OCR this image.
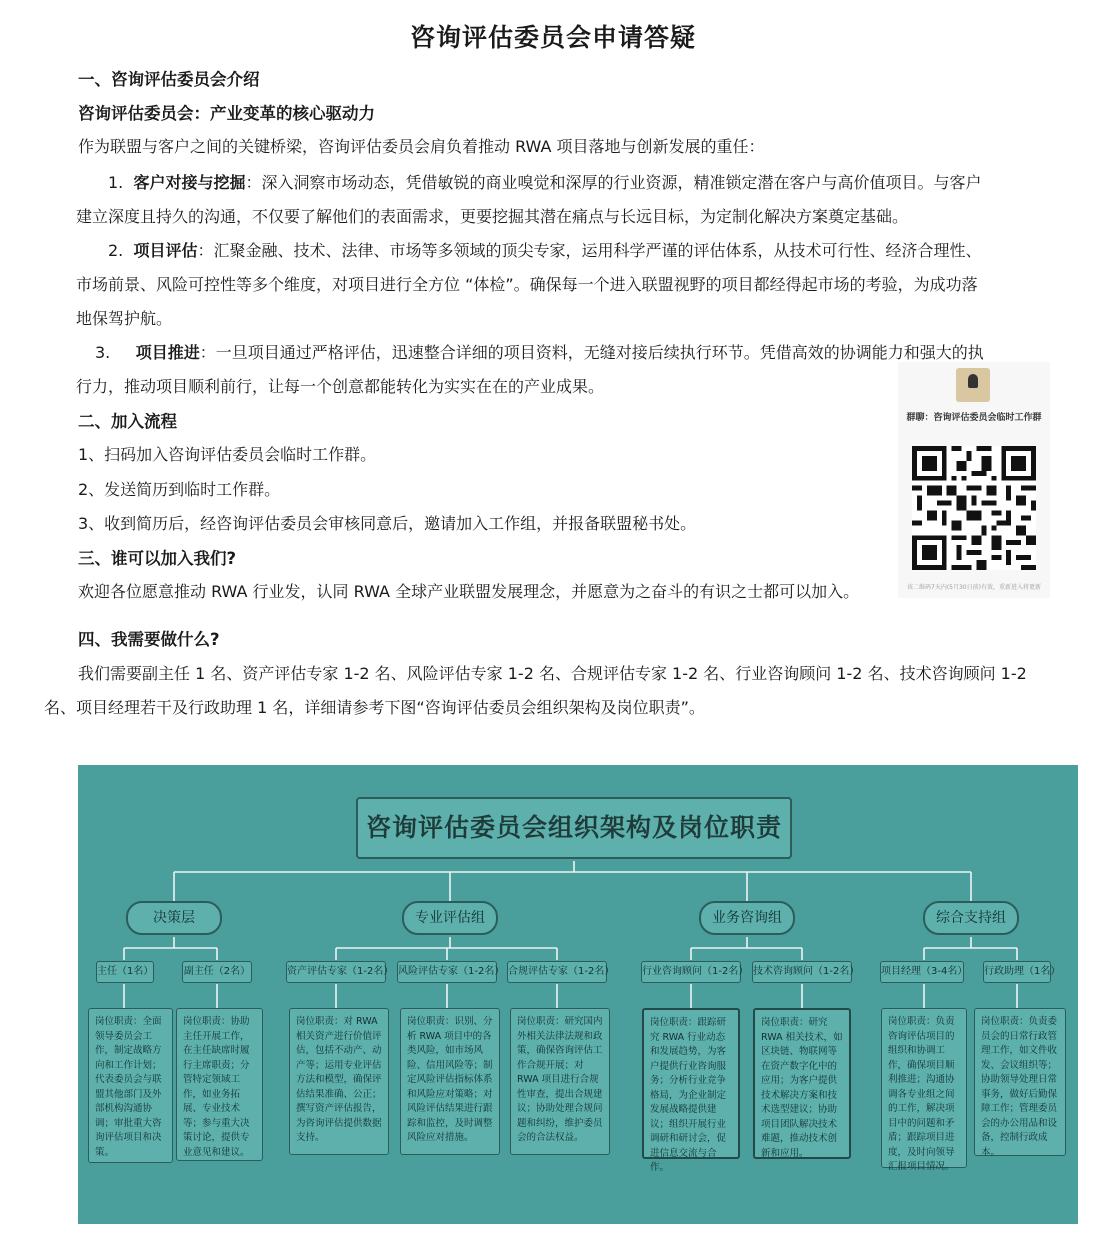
咨询评估委员会申请答疑
一、咨询评估委员会介绍
咨询评估委员会：产业变革的核心驱动力
作为联盟与客户之间的关键桥梁，咨询评估委员会肩负着推动 RWA 项目落地与创新发展的重任：
1. 客户对接与挖掘：深入洞察市场动态，凭借敏锐的商业嗅觉和深厚的行业资源，精准锁定潜在客户与高价值项目。与客户
建立深度且持久的沟通，不仅要了解他们的表面需求，更要挖掘其潜在痛点与长远目标，为定制化解决方案奠定基础。
2. 项目评估：汇聚金融、技术、法律、市场等多领域的顶尖专家，运用科学严谨的评估体系，从技术可行性、经济合理性、
市场前景、风险可控性等多个维度，对项目进行全方位 “体检”。确保每一个进入联盟视野的项目都经得起市场的考验，为成功落
地保驾护航。
3. 项目推进：一旦项目通过严格评估，迅速整合详细的项目资料，无缝对接后续执行环节。凭借高效的协调能力和强大的执
行力，推动项目顺利前行，让每一个创意都能转化为实实在在的产业成果。
二、加入流程
1、扫码加入咨询评估委员会临时工作群。
2、发送简历到临时工作群。
3、收到简历后，经咨询评估委员会审核同意后，邀请加入工作组，并报备联盟秘书处。
三、谁可以加入我们?
欢迎各位愿意推动 RWA 行业发，认同 RWA 全球产业联盟发展理念，并愿意为之奋斗的有识之士都可以加入。
四、我需要做什么?
我们需要副主任 1 名、资产评估专家 1-2 名、风险评估专家 1-2 名、合规评估专家 1-2 名、行业咨询顾问 1-2 名、技术咨询顾问 1-2
名、项目经理若干及行政助理 1 名，详细请参考下图“咨询评估委员会组织架构及岗位职责”。
群聊：咨询评估委员会临时工作群
该二维码7天内(5月30日前)有效，重新进入将更新
咨询评估委员会组织架构及岗位职责
决策层	专业评估组	业务咨询组	综合支持组
主任（1名）	副主任（2名）	资产评估专家（1-2名） 风险评估专家（1-2名） 合规评估专家（1-2名）	行业咨询顾问（1-2名） 技术咨询顾问（1-2名） 项目经理（3-4名） 行政助理（1名）
岗位职责：全面领导委员会工作，制定战略方向和工作计划；代表委员会与联盟其他部门及外部机构沟通协调；审批重大咨询评估项目和决策。
岗位职责：协助主任开展工作，在主任缺席时履行主席职责；分管特定领域工作，如业务拓展、专业技术等；参与重大决策讨论，提供专业意见和建议。
岗位职责：对 RWA 相关资产进行价值评估，包括不动产、动产等；运用专业评估方法和模型，确保评估结果准确、公正；撰写资产评估报告，为咨询评估提供数据支持。
岗位职责：识别、分析 RWA 项目中的各类风险，如市场风险、信用风险等；制定风险评估指标体系和风险应对策略；对风险评估结果进行跟踪和监控，及时调整风险应对措施。
岗位职责：研究国内外相关法律法规和政策，确保咨询评估工作合规开展；对 RWA 项目进行合规性审查，提出合规建议；协助处理合规问题和纠纷，维护委员会的合法权益。
岗位职责：跟踪研究 RWA 行业动态和发展趋势，为客户提供行业咨询服务；分析行业竞争格局，为企业制定发展战略提供建议；组织开展行业调研和研讨会，促进信息交流与合作。
岗位职责：研究 RWA 相关技术，如区块链、物联网等在资产数字化中的应用；为客户提供技术解决方案和技术选型建议；协助项目团队解决技术难题，推动技术创新和应用。
岗位职责：负责咨询评估项目的组织和协调工作，确保项目顺利推进；沟通协调各专业组之间的工作，解决项目中的问题和矛盾；跟踪项目进度，及时向领导汇报项目情况。
岗位职责：负责委员会的日常行政管理工作，如文件收发、会议组织等；协助领导处理日常事务，做好后勤保障工作；管理委员会的办公用品和设备，控制行政成本。
